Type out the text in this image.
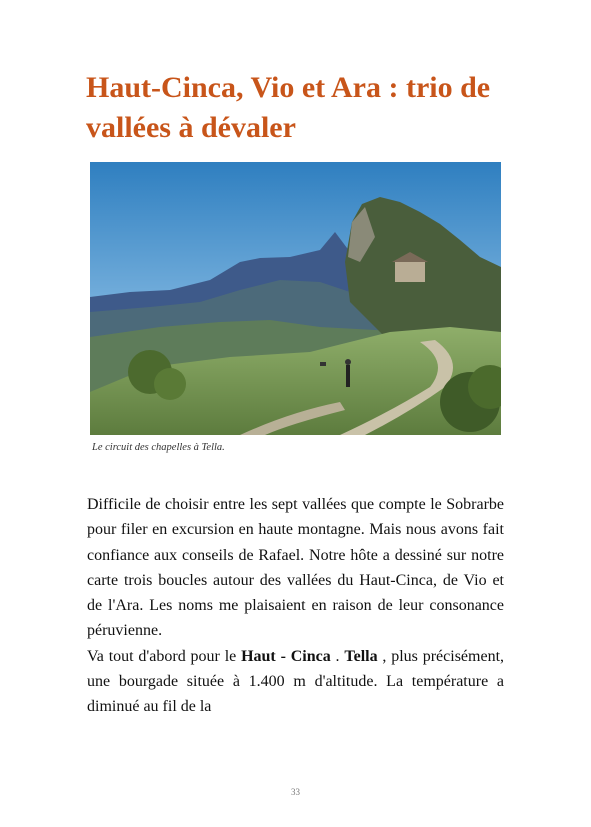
Haut-Cinca, Vio et Ara : trio de vallées à dévaler
Le circuit des chapelles à Tella.

Difficile de choisir entre les sept vallées que compte le Sobrarbe pour filer en excursion en haute montagne. Mais nous avons fait confiance aux conseils de Rafael. Notre hôte a dessiné sur notre carte trois boucles autour des vallées du Haut-Cinca, de Vio et de l'Ara. Les noms me plaisaient en raison de leur consonance péruvienne.

Va tout d'abord pour le Haut - Cinca . Tella , plus précisément, une bourgade située à 1.400 m d'altitude. La température a diminué au fil de la

33
